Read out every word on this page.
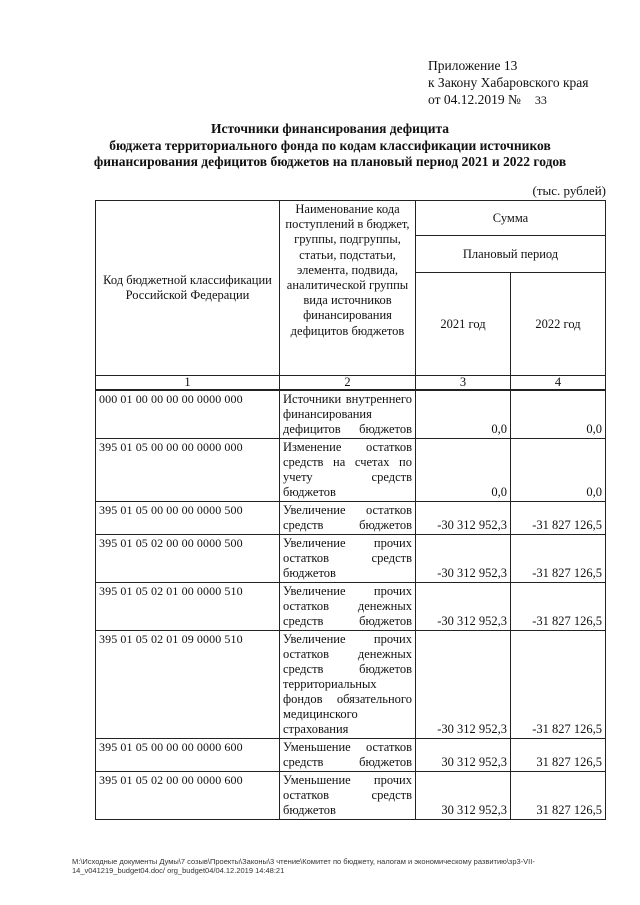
Приложение 13
к Закону Хабаровского края
от 04.12.2019 № 33
Источники финансирования дефицита
бюджета территориального фонда по кодам классификации источников
финансирования дефицитов бюджетов на плановый период 2021 и 2022 годов
(тыс. рублей)
Код бюджетной классификации Российской Федерации	Наименование кода поступлений в бюджет, группы, подгруппы, статьи, подстатьи, элемента, подвида, аналитической группы вида источников финансирования дефицитов бюджетов	Сумма	
		Плановый период	
		2021 год	2022 год
1	2	3	4
000 01 00 00 00 00 0000 000	Источники внутреннего финансирования дефицитов бюджетов	0,0	0,0
395 01 05 00 00 00 0000 000	Изменение остатков средств на счетах по учету средств бюджетов	0,0	0,0
395 01 05 00 00 00 0000 500	Увеличение остатков средств бюджетов	-30 312 952,3	-31 827 126,5
395 01 05 02 00 00 0000 500	Увеличение прочих остатков средств бюджетов	-30 312 952,3	-31 827 126,5
395 01 05 02 01 00 0000 510	Увеличение прочих остатков денежных средств бюджетов	-30 312 952,3	-31 827 126,5
395 01 05 02 01 09 0000 510	Увеличение прочих остатков денежных средств бюджетов территориальных фондов обязательного медицинского страхования	-30 312 952,3	-31 827 126,5
395 01 05 00 00 00 0000 600	Уменьшение остатков средств бюджетов	30 312 952,3	31 827 126,5
395 01 05 02 00 00 0000 600	Уменьшение прочих остатков средств бюджетов	30 312 952,3	31 827 126,5
M:\Исходные документы Думы\7 созыв\Проекты\Законы\3 чтение\Комитет по бюджету, налогам и экономическому развитию\зр3-VII-14_v041219_budget04.doc/ org_budget04/04.12.2019 14:48:21
